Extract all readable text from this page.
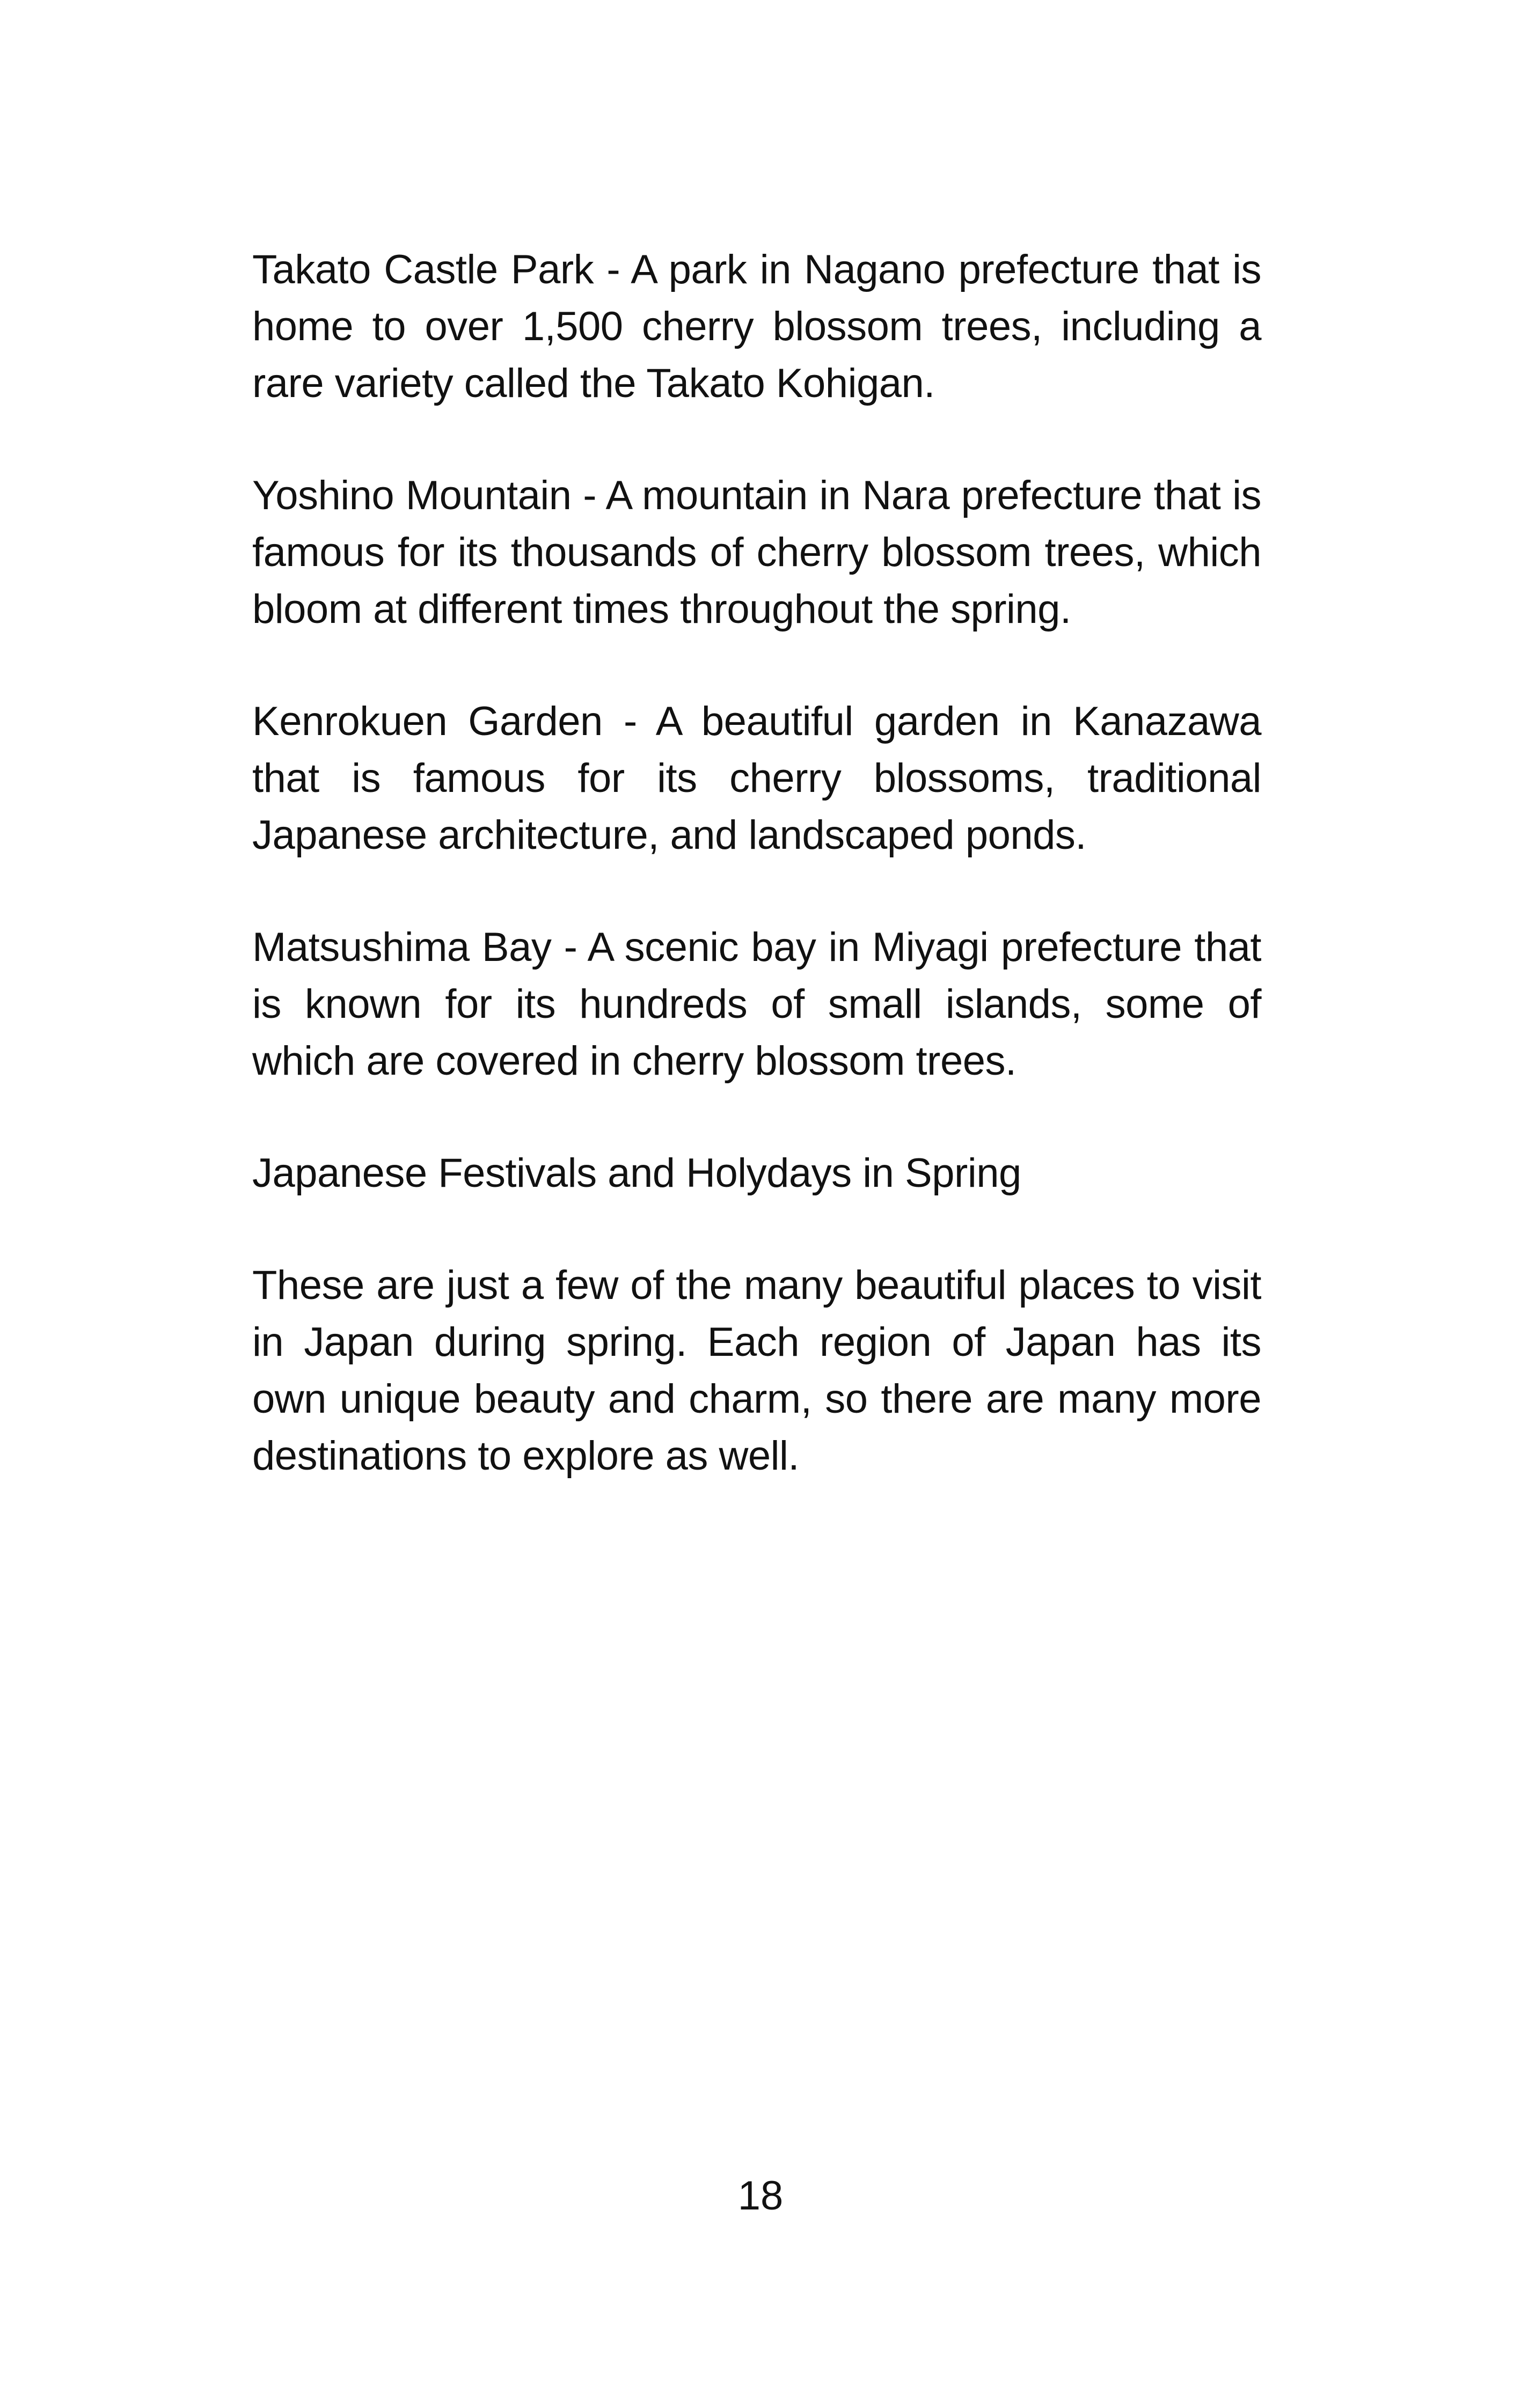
Takato Castle Park - A park in Nagano prefecture that is home to over 1,500 cherry blossom trees, including a rare variety called the Takato Kohigan.

Yoshino Mountain - A mountain in Nara prefecture that is famous for its thousands of cherry blossom trees, which bloom at different times throughout the spring.

Kenrokuen Garden - A beautiful garden in Kanazawa that is famous for its cherry blossoms, traditional Japanese architecture, and landscaped ponds.

Matsushima Bay - A scenic bay in Miyagi prefecture that is known for its hundreds of small islands, some of which are covered in cherry blossom trees.

Japanese Festivals and Holydays in Spring

These are just a few of the many beautiful places to visit in Japan during spring. Each region of Japan has its own unique beauty and charm, so there are many more destinations to explore as well.

18
